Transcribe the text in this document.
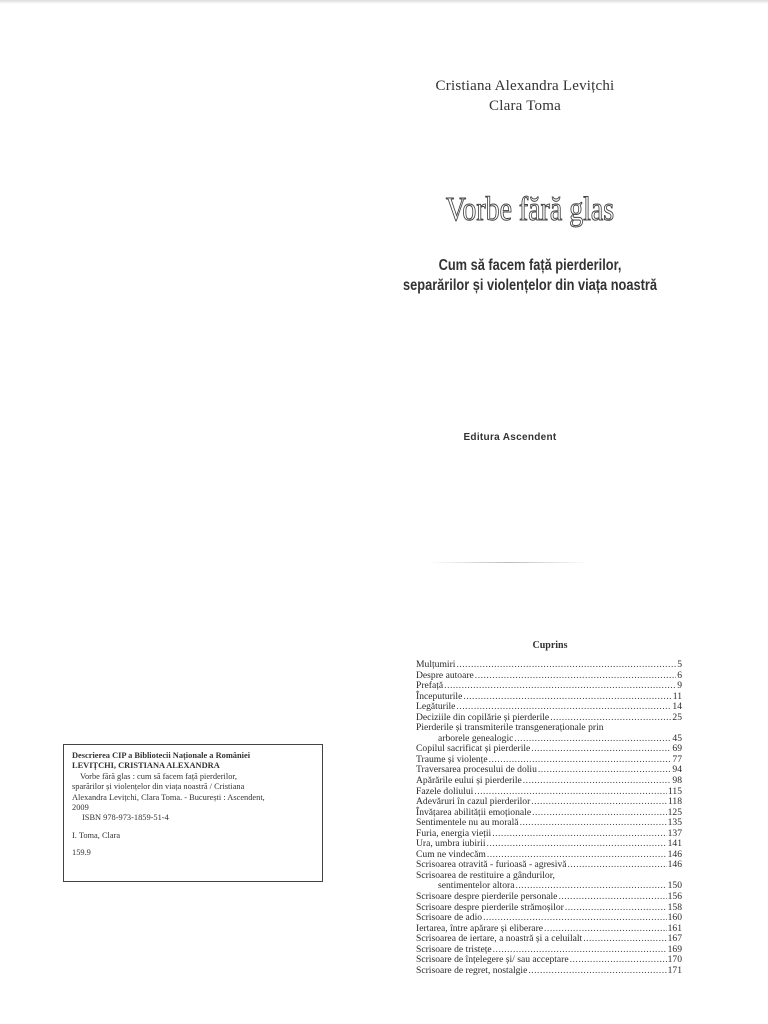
Cristiana Alexandra Levițchi
Clara Toma
Vorbe fără glas
Cum să facem față pierderilor,
separărilor și violențelor din viața noastră
Editura Ascendent
Descrierea CIP a Bibliotecii Naționale a României
LEVIȚCHI, CRISTIANA ALEXANDRA
Vorbe fără glas : cum să facem față pierderilor,
sparărilor și violențelor din viața noastră / Cristiana
Alexandra Levițchi, Clara Toma. - București : Ascendent,
2009
ISBN 978-973-1859-51-4
I. Toma, Clara
159.9
Cuprins
Mulțumiri .....	5
Despre autoare .....	6
Prefață .....	9
Începuturile .....	11
Legăturile .....	14
Deciziile din copilărie și pierderile .....	25
Pierderile și transmiterile transgeneraționale prin
arborele genealogic .....	45
Copilul sacrificat și pierderile .....	69
Traume și violențe .....	77
Traversarea procesului de doliu .....	94
Apărările eului și pierderile .....	98
Fazele doliului .....	115
Adevăruri în cazul pierderilor .....	118
Învățarea abilității emoționale .....	125
Sentimentele nu au morală .....	135
Furia, energia vieții .....	137
Ura, umbra iubirii .....	141
Cum ne vindecăm .....	146
Scrisoarea otravită - furioasă - agresivă .....	146
Scrisoarea de restituire a gândurilor,
sentimentelor altora .....	150
Scrisoare despre pierderile personale .....	156
Scrisoare despre pierderile strămoșilor .....	158
Scrisoare de adio .....	160
Iertarea, între apărare și eliberare .....	161
Scrisoarea de iertare, a noastră și a celuilalt .....	167
Scrisoare de tristețe .....	169
Scrisoare de înțelegere și/ sau acceptare .....	170
Scrisoare de regret, nostalgie .....	171
